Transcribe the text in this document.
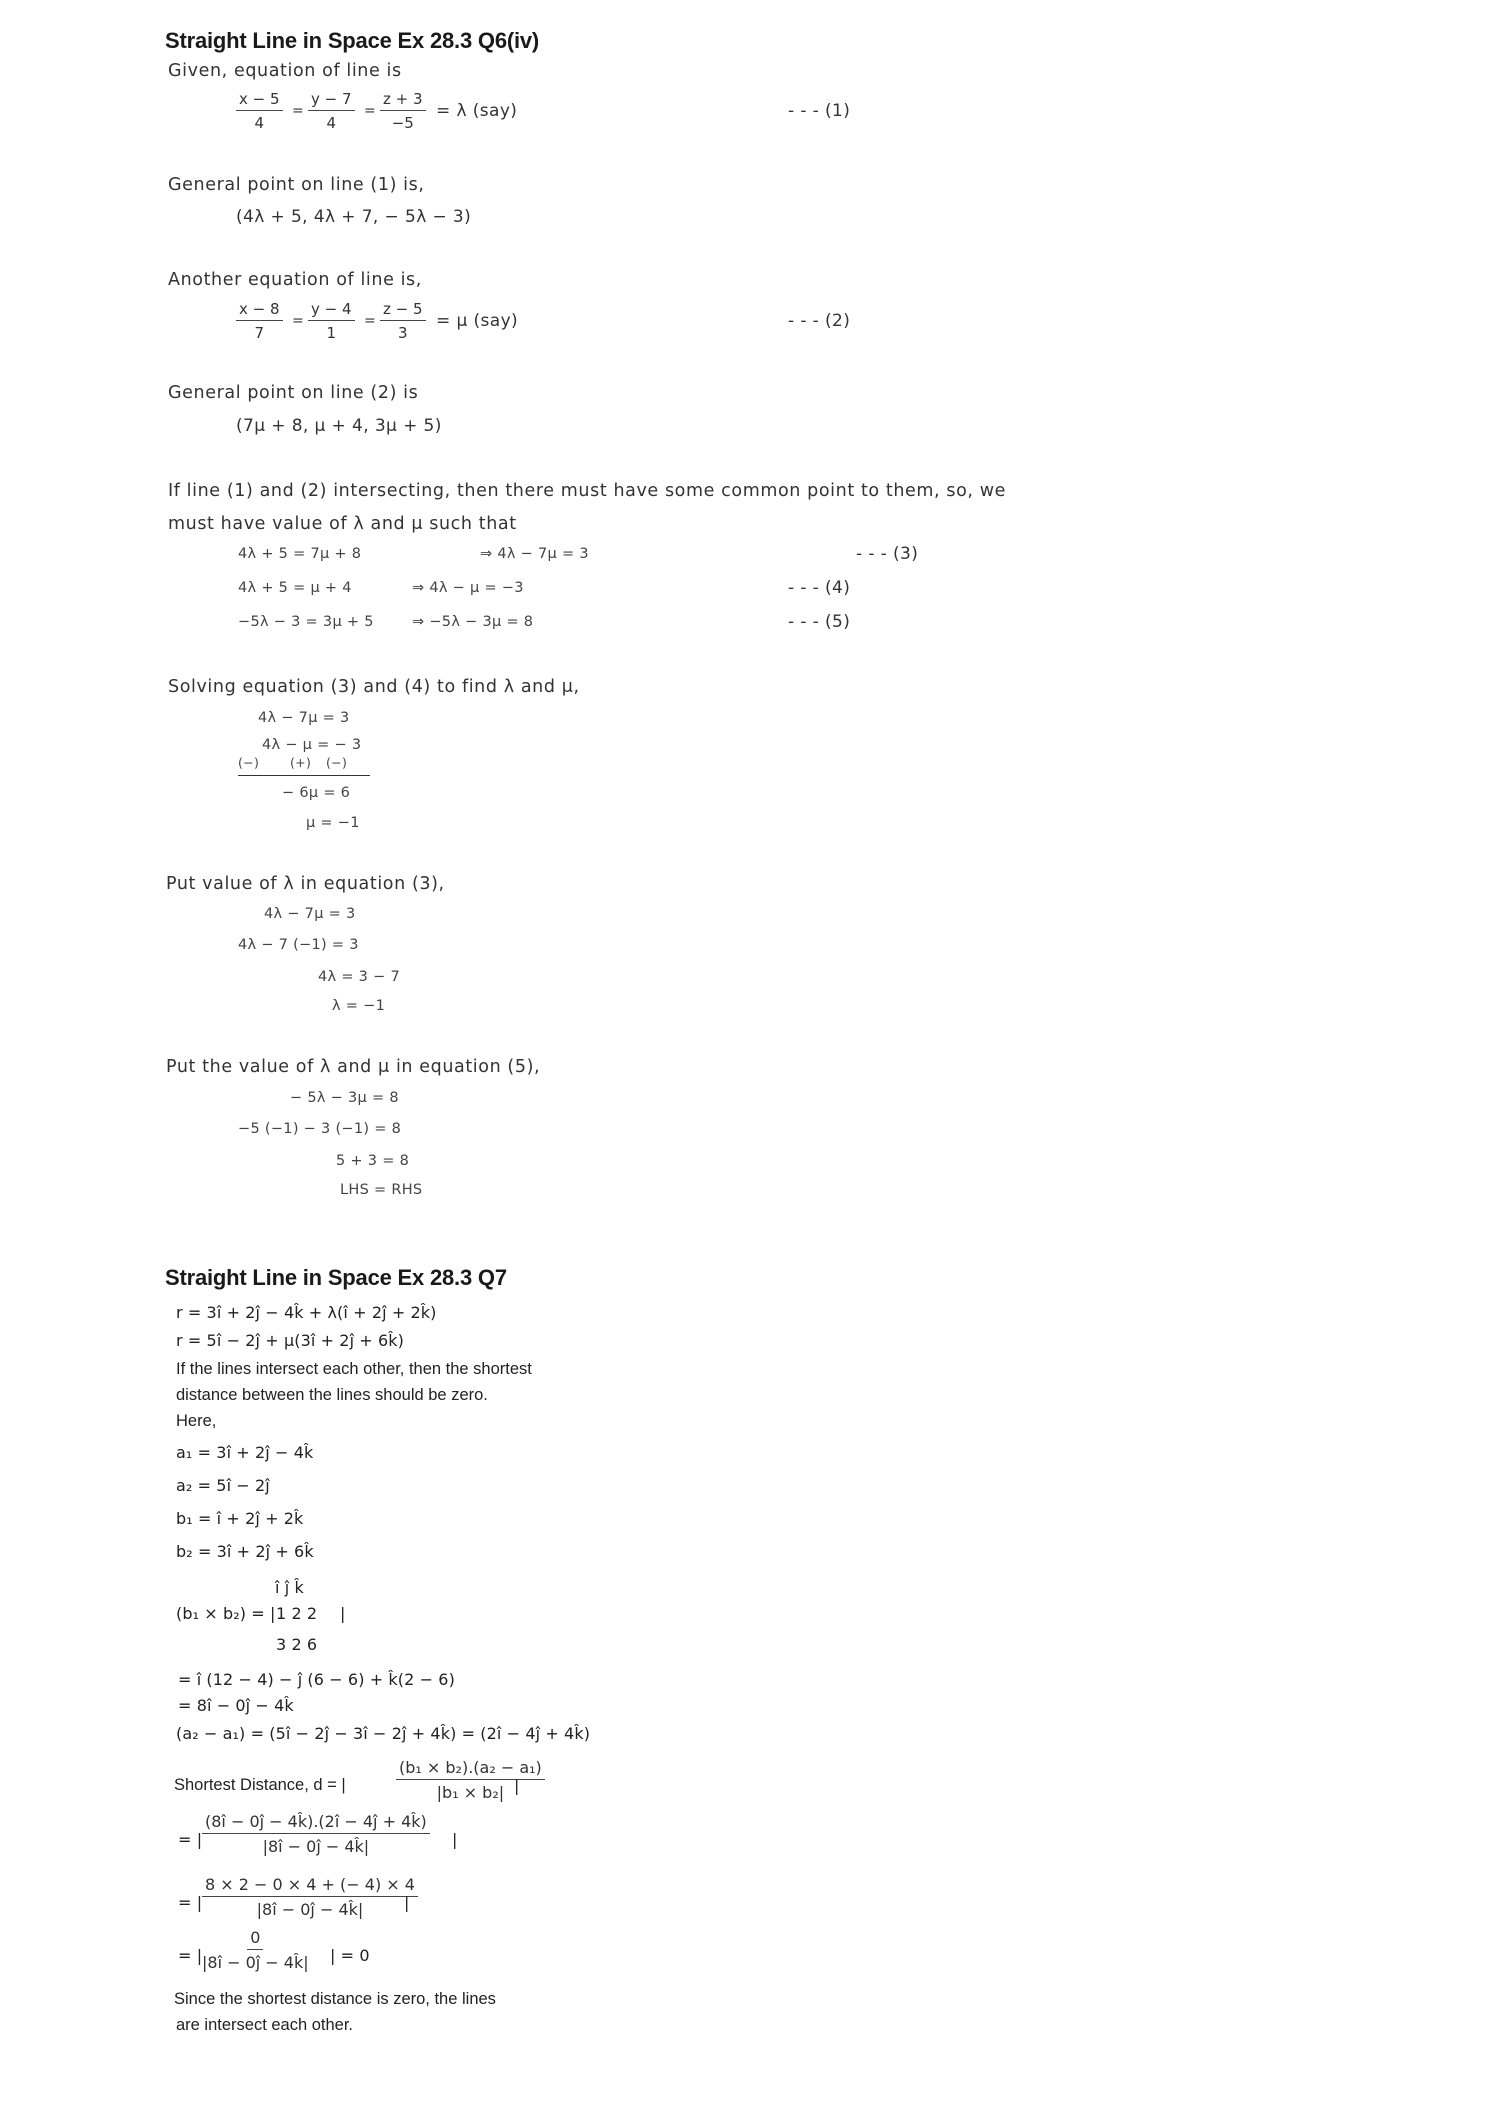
Straight Line in Space Ex 28.3 Q6(iv)
Given, equation of line is
$\frac{x - 5}{4} = \frac{y - 7}{4} = \frac{z + 3}{-5} = \lambda$ (say)	- - - (1)
General point on line (1) is,
(4λ + 5, 4λ + 7, − 5λ − 3)
Another equation of line is,
$\frac{x - 8}{7} = \frac{y - 4}{1} = \frac{z - 5}{3} = \mu$ (say)	- - - (2)
General point on line (2) is
(7μ + 8, μ + 4, 3μ + 5)
If line (1) and (2) intersecting, then there must have some common point to them, so, we
must have value of λ and μ such that
4λ + 5 = 7μ + 8	⇒ 4λ − 7μ = 3	- - - (3)
4λ + 5 = μ + 4	⇒ 4λ − μ = −3	- - - (4)
−5λ − 3 = 3μ + 5	⇒ −5λ − 3μ = 8	- - - (5)
Solving equation (3) and (4) to find λ and μ,
4λ − 7μ = 3
4λ − μ = − 3
(−) (+) (−)
− 6μ = 6
μ = −1
Put value of λ in equation (3),
4λ − 7μ = 3
4λ − 7 (−1) = 3
4λ = 3 − 7
λ = −1
Put the value of λ and μ in equation (5),
− 5λ − 3μ = 8
−5 (−1) − 3 (−1) = 8
5 + 3 = 8
LHS = RHS
Straight Line in Space Ex 28.3 Q7
r = 3î + 2ĵ − 4k̂ + λ(î + 2ĵ + 2k̂)
r = 5î − 2ĵ + μ(3î + 2ĵ + 6k̂)
If the lines intersect each other, then the shortest
distance between the lines should be zero.
Here,
a₁ = 3î + 2ĵ − 4k̂
a₂ = 5î − 2ĵ
b₁ = î + 2ĵ + 2k̂
b₂ = 3î + 2ĵ + 6k̂
î ĵ k̂
(b₁ × b₂) = | 1 2 2 |
3 2 6
= î (12 − 4) − ĵ (6 − 6) + k̂(2 − 6)
= 8î − 0ĵ − 4k̂
(a₂ − a₁) = (5î − 2ĵ − 3î − 2ĵ + 4k̂) = (2î − 4ĵ + 4k̂)
Shortest Distance, d = |	$\frac{\text{(b₁ × b₂).(a₂ − a₁)}}{\text{|b₁ × b₂|}}$
|
= | $\frac{(8î - 0ĵ - 4k̂).(2î - 4ĵ + 4k̂)}{|8î - 0ĵ - 4k̂|}$ |
= | $\frac{8 \times 2 - 0 \times 4 + (- 4) \times 4}{|8î - 0ĵ - 4k̂|}$
|
= | $\frac{0}{|8î - 0ĵ - 4k̂|}$ | = 0
Since the shortest distance is zero, the lines
are intersect each other.
